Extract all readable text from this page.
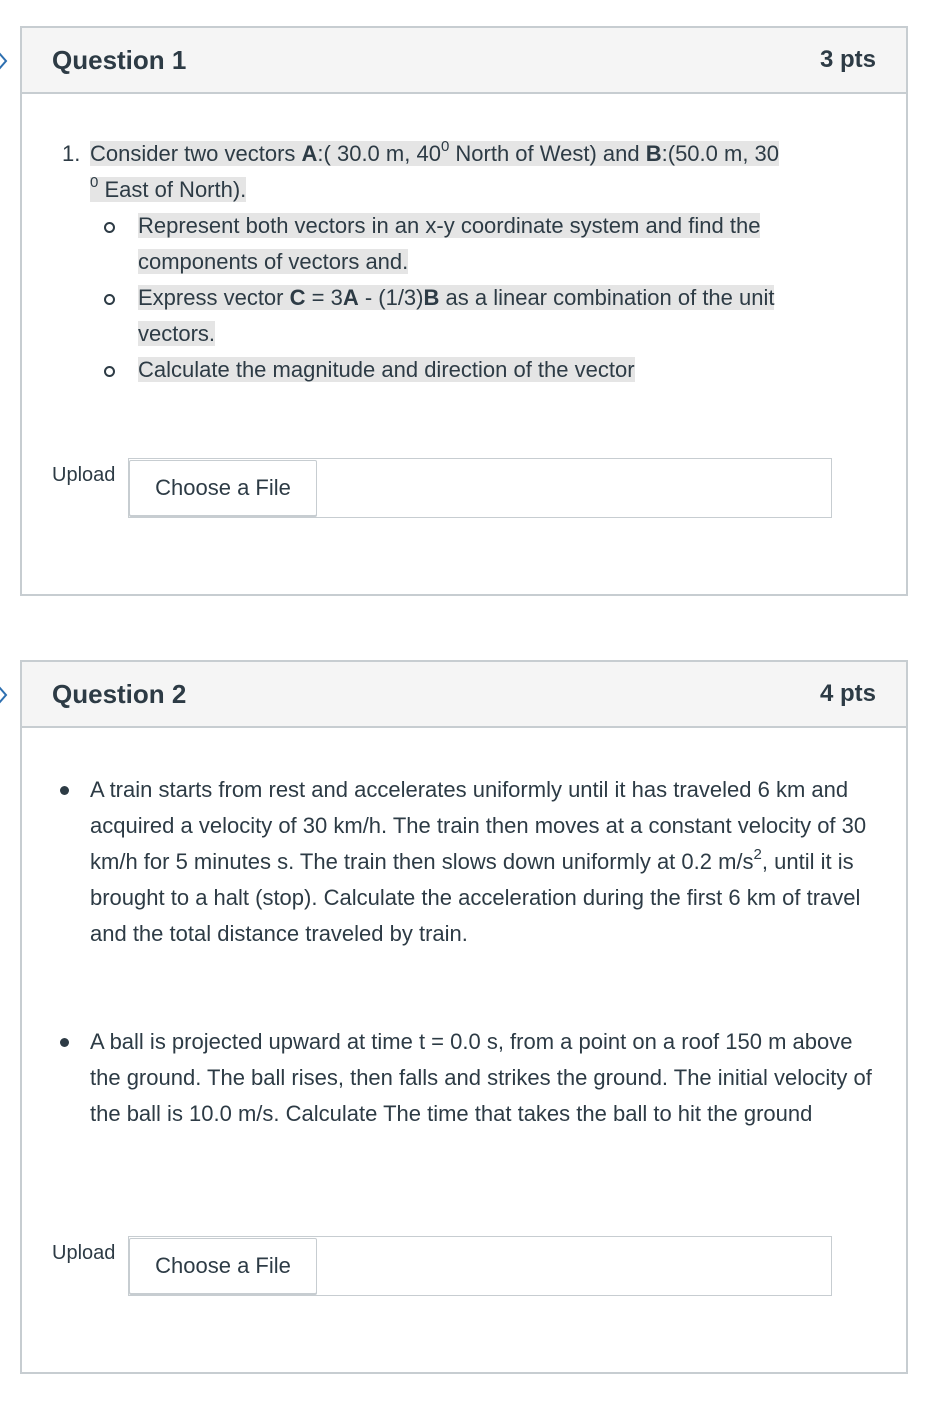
Question 1	3 pts
1. Consider two vectors A:( 30.0 m, $40^0$ North of West) and B:(50.0 m, 30
$^0$ East of North).
Represent both vectors in an x-y coordinate system and find the components of vectors and.
Express vector C = 3A - (1/3)B as a linear combination of the unit vectors.
Calculate the magnitude and direction of the vector
Upload	Choose a File
Question 2	4 pts
A train starts from rest and accelerates uniformly until it has traveled 6 km and acquired a velocity of 30 km/h. The train then moves at a constant velocity of 30 km/h for 5 minutes s. The train then slows down uniformly at 0.2 $m/s^2$, until it is brought to a halt (stop). Calculate the acceleration during the first 6 km of travel and the total distance traveled by train.
A ball is projected upward at time t = 0.0 s, from a point on a roof 150 m above the ground. The ball rises, then falls and strikes the ground. The initial velocity of the ball is 10.0 m/s. Calculate The time that takes the ball to hit the ground
Upload	Choose a File
